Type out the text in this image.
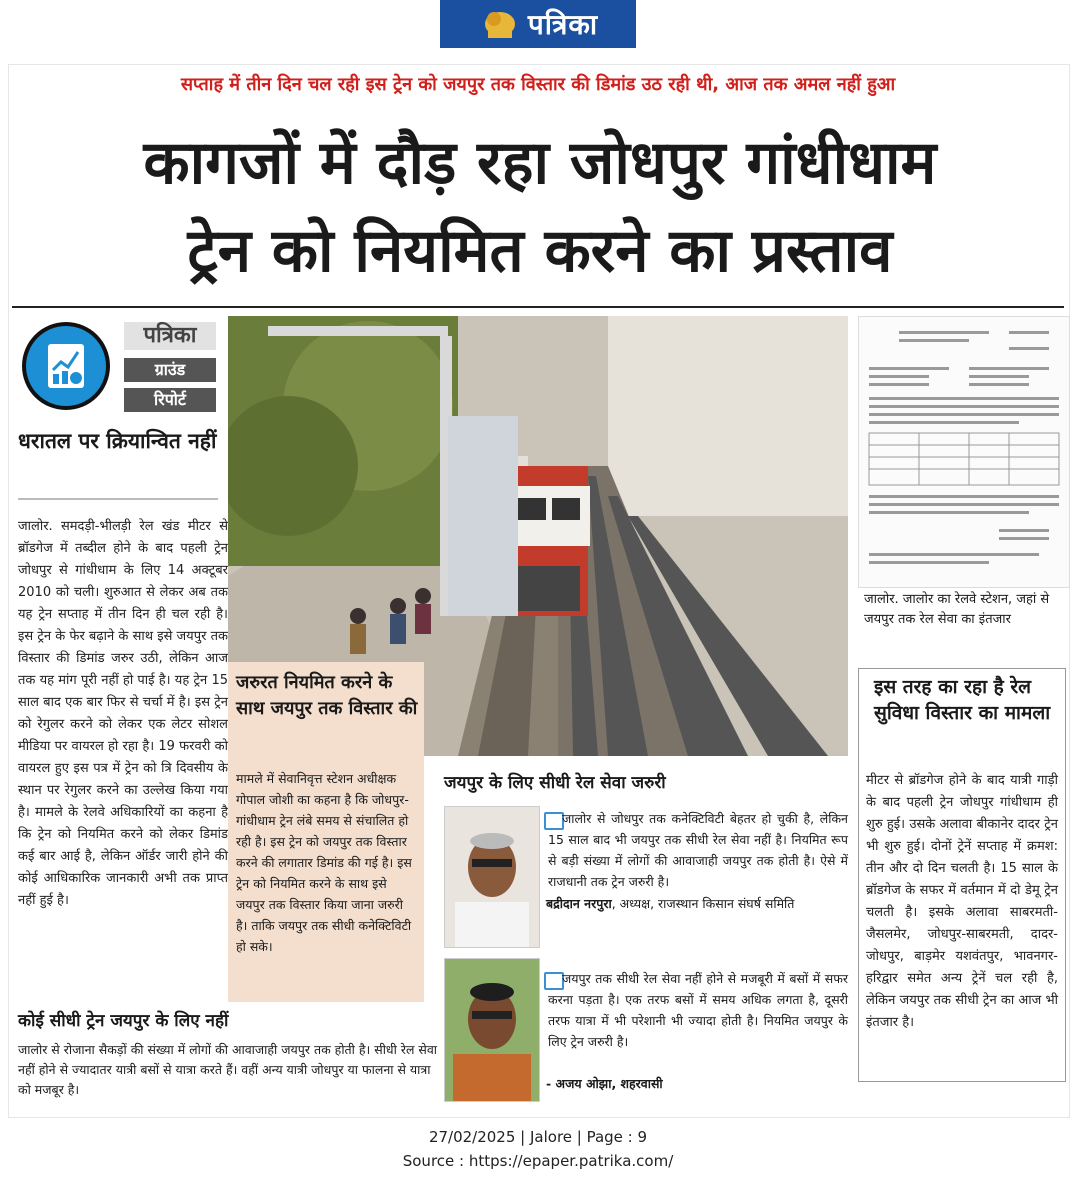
पत्रिका
सप्ताह में तीन दिन चल रही इस ट्रेन को जयपुर तक विस्तार की डिमांड उठ रही थी, आज तक अमल नहीं हुआ
कागजों में दौड़ रहा जोधपुर गांधीधाम
ट्रेन को नियमित करने का प्रस्ताव
पत्रिका
ग्राउंड
रिपोर्ट
धरातल पर क्रियान्वित नहीं
जालोर. समदड़ी-भीलड़ी रेल खंड मीटर से ब्रॉडगेज में तब्दील होने के बाद पहली ट्रेन जोधपुर से गांधीधाम के लिए 14 अक्टूबर 2010 को चली। शुरुआत से लेकर अब तक यह ट्रेन सप्ताह में तीन दिन ही चल रही है। इस ट्रेन के फेर बढ़ाने के साथ इसे जयपुर तक विस्तार की डिमांड जरुर उठी, लेकिन आज तक यह मांग पूरी नहीं हो पाई है। यह ट्रेन 15 साल बाद एक बार फिर से चर्चा में है। इस ट्रेन को रेगुलर करने को लेकर एक लेटर सोशल मीडिया पर वायरल हो रहा है। 19 फरवरी को वायरल हुए इस पत्र में ट्रेन को त्रि दिवसीय के स्थान पर रेगुलर करने का उल्लेख किया गया है। मामले के रेलवे अधिकारियों का कहना है कि ट्रेन को नियमित करने को लेकर डिमांड कई बार आई है, लेकिन ऑर्डर जारी होने की कोई आधिकारिक जानकारी अभी तक प्राप्त नहीं हुई है।
जालोर. जालोर का रेलवे स्टेशन, जहां से जयपुर तक रेल सेवा का इंतजार
जरुरत नियमित करने के साथ जयपुर तक विस्तार की
मामले में सेवानिवृत्त स्टेशन अधीक्षक गोपाल जोशी का कहना है कि जोधपुर-गांधीधाम ट्रेन लंबे समय से संचालित हो रही है। इस ट्रेन को जयपुर तक विस्तार करने की लगातार डिमांड की गई है। इस ट्रेन को नियमित करने के साथ इसे जयपुर तक विस्तार किया जाना जरुरी है। ताकि जयपुर तक सीधी कनेक्टिविटी हो सके।
जयपुर के लिए सीधी रेल सेवा जरुरी
जालोर से जोधपुर तक कनेक्टिविटी बेहतर हो चुकी है, लेकिन 15 साल बाद भी जयपुर तक सीधी रेल सेवा नहीं है। नियमित रूप से बड़ी संख्या में लोगों की आवाजाही जयपुर तक होती है। ऐसे में राजधानी तक ट्रेन जरुरी है।
बद्रीदान नरपुरा, अध्यक्ष, राजस्थान किसान संघर्ष समिति
जयपुर तक सीधी रेल सेवा नहीं होने से मजबूरी में बसों में सफर करना पड़ता है। एक तरफ बसों में समय अधिक लगता है, दूसरी तरफ यात्रा में भी परेशानी भी ज्यादा होती है। नियमित जयपुर के लिए ट्रेन जरुरी है।
- अजय ओझा, शहरवासी
इस तरह का रहा है रेल सुविधा विस्तार का मामला
मीटर से ब्रॉडगेज होने के बाद यात्री गाड़ी के बाद पहली ट्रेन जोधपुर गांधीधाम ही शुरु हुई। उसके अलावा बीकानेर दादर ट्रेन भी शुरु हुई। दोनों ट्रेनें सप्ताह में क्रमश: तीन और दो दिन चलती है। 15 साल के ब्रॉडगेज के सफर में वर्तमान में दो डेमू ट्रेन चलती है। इसके अलावा साबरमती-जैसलमेर, जोधपुर-साबरमती, दादर-जोधपुर, बाड़मेर यशवंतपुर, भावनगर-हरिद्वार समेत अन्य ट्रेनें चल रही है, लेकिन जयपुर तक सीधी ट्रेन का आज भी इंतजार है।
कोई सीधी ट्रेन जयपुर के लिए नहीं
जालोर से रोजाना सैकड़ों की संख्या में लोगों की आवाजाही जयपुर तक होती है। सीधी रेल सेवा नहीं होने से ज्यादातर यात्री बसों से यात्रा करते हैं। वहीं अन्य यात्री जोधपुर या फालना से यात्रा को मजबूर है।
27/02/2025 | Jalore | Page : 9
Source : https://epaper.patrika.com/
